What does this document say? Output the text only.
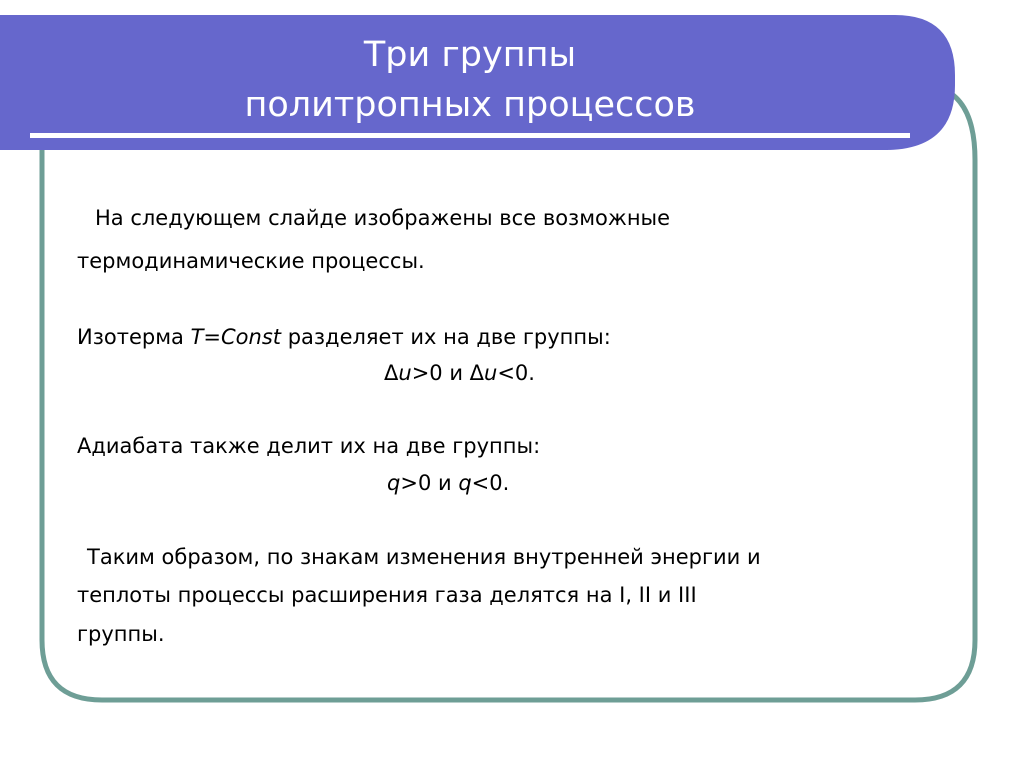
Три группы
политропных процессов
На следующем слайде изображены все возможные
термодинамические процессы.
Изотерма T=Const разделяет их на две группы:
Δu>0 и Δu<0.
Адиабата также делит их на две группы:
q>0 и q<0.
Таким образом, по знакам изменения внутренней энергии и
теплоты процессы расширения газа делятся на I, II и III
группы.
